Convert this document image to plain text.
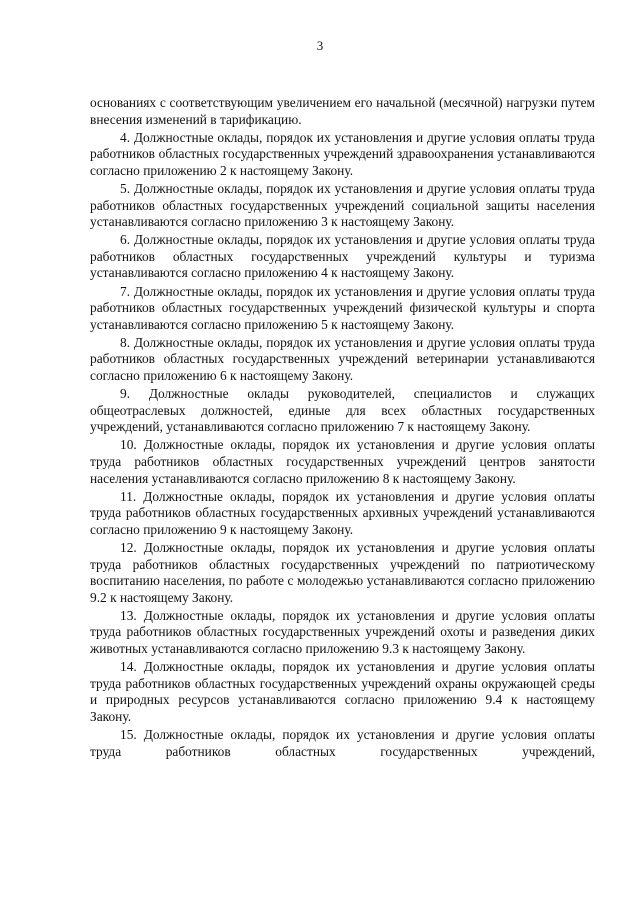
3

основаниях с соответствующим увеличением его начальной (месячной) нагрузки путем внесения изменений в тарификацию.

4. Должностные оклады, порядок их установления и другие условия оплаты труда работников областных государственных учреждений здравоохранения устанавливаются согласно приложению 2 к настоящему Закону.

5. Должностные оклады, порядок их установления и другие условия оплаты труда работников областных государственных учреждений социальной защиты населения устанавливаются согласно приложению 3 к настоящему Закону.

6. Должностные оклады, порядок их установления и другие условия оплаты труда работников областных государственных учреждений культуры и туризма устанавливаются согласно приложению 4 к настоящему Закону.

7. Должностные оклады, порядок их установления и другие условия оплаты труда работников областных государственных учреждений физической культуры и спорта устанавливаются согласно приложению 5 к настоящему Закону.

8. Должностные оклады, порядок их установления и другие условия оплаты труда работников областных государственных учреждений ветеринарии устанавливаются согласно приложению 6 к настоящему Закону.

9. Должностные оклады руководителей, специалистов и служащих общеотраслевых должностей, единые для всех областных государственных учреждений, устанавливаются согласно приложению 7 к настоящему Закону.

10. Должностные оклады, порядок их установления и другие условия оплаты труда работников областных государственных учреждений центров занятости населения устанавливаются согласно приложению 8 к настоящему Закону.

11. Должностные оклады, порядок их установления и другие условия оплаты труда работников областных государственных архивных учреждений устанавливаются согласно приложению 9 к настоящему Закону.

12. Должностные оклады, порядок их установления и другие условия оплаты труда работников областных государственных учреждений по патриотическому воспитанию населения, по работе с молодежью устанавливаются согласно приложению 9.2 к настоящему Закону.

13. Должностные оклады, порядок их установления и другие условия оплаты труда работников областных государственных учреждений охоты и разведения диких животных устанавливаются согласно приложению 9.3 к настоящему Закону.

14. Должностные оклады, порядок их установления и другие условия оплаты труда работников областных государственных учреждений охраны окружающей среды и природных ресурсов устанавливаются согласно приложению 9.4 к настоящему Закону.

15. Должностные оклады, порядок их установления и другие условия оплаты труда работников областных государственных учреждений,
